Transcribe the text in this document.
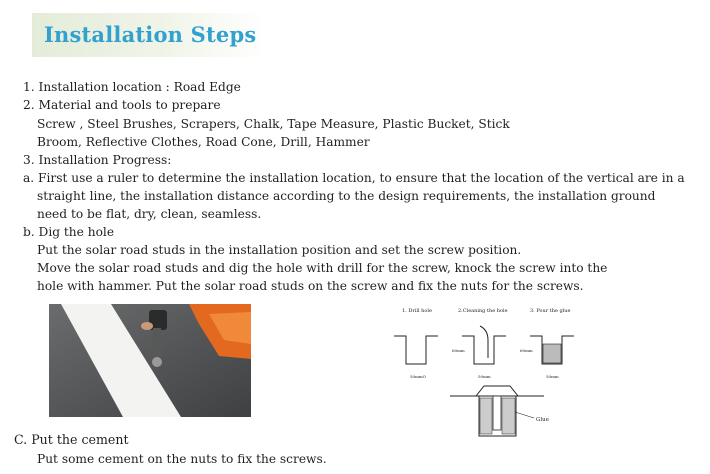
Installation Steps
1. Installation location : Road Edge
2. Material and tools to prepare
Screw , Steel Brushes, Scrapers, Chalk, Tape Measure, Plastic Bucket, Stick
Broom, Reflective Clothes, Road Cone, Drill, Hammer
3. Installation Progress:
a. First use a ruler to determine the installation location, to ensure that the location of the vertical are in a
straight line, the installation distance according to the design requirements, the installation ground
need to be flat, dry, clean, seamless.
b. Dig the hole
Put the solar road studs in the installation position and set the screw position.
Move the solar road studs and dig the hole with drill for the screw, knock the screw into the
hole with hammer. Put the solar road studs on the screw and fix the nuts for the screws.
1. Drill hole	2.Cleaning the hole	3. Pour the glue
60mm	60mm
50mmO	50mm	50mm
Glue
C. Put the cement
Put some cement on the nuts to fix the screws.
